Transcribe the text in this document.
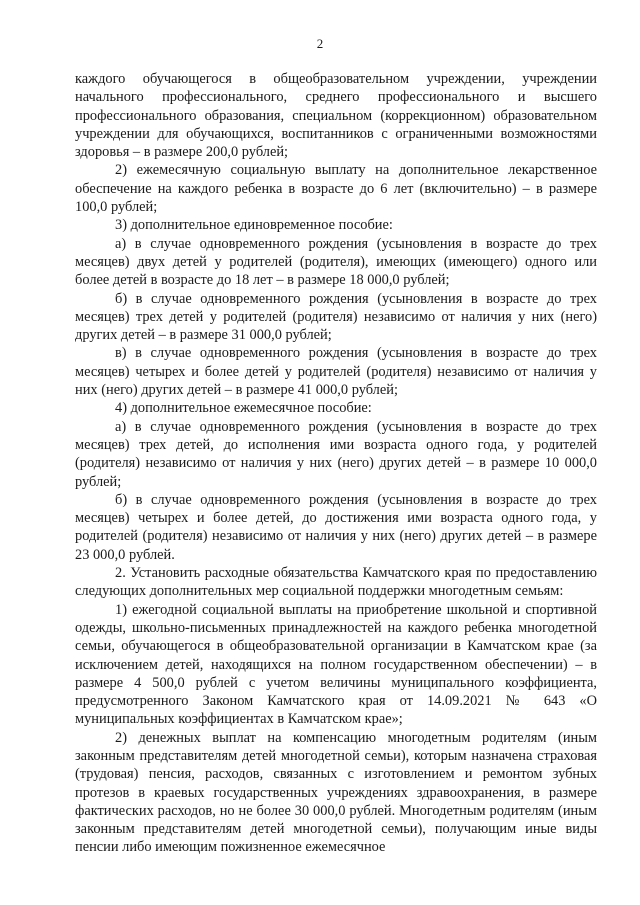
2

каждого обучающегося в общеобразовательном учреждении, учреждении начального профессионального, среднего профессионального и высшего профессионального образования, специальном (коррекционном) образовательном учреждении для обучающихся, воспитанников с ограниченными возможностями здоровья – в размере 200,0 рублей;

2) ежемесячную социальную выплату на дополнительное лекарственное обеспечение на каждого ребенка в возрасте до 6 лет (включительно) – в размере 100,0 рублей;

3) дополнительное единовременное пособие:

а) в случае одновременного рождения (усыновления в возрасте до трех месяцев) двух детей у родителей (родителя), имеющих (имеющего) одного или более детей в возрасте до 18 лет – в размере 18 000,0 рублей;

б) в случае одновременного рождения (усыновления в возрасте до трех месяцев) трех детей у родителей (родителя) независимо от наличия у них (него) других детей – в размере 31 000,0 рублей;

в) в случае одновременного рождения (усыновления в возрасте до трех месяцев) четырех и более детей у родителей (родителя) независимо от наличия у них (него) других детей – в размере 41 000,0 рублей;

4) дополнительное ежемесячное пособие:

а) в случае одновременного рождения (усыновления в возрасте до трех месяцев) трех детей, до исполнения ими возраста одного года, у родителей (родителя) независимо от наличия у них (него) других детей – в размере 10 000,0 рублей;

б) в случае одновременного рождения (усыновления в возрасте до трех месяцев) четырех и более детей, до достижения ими возраста одного года, у родителей (родителя) независимо от наличия у них (него) других детей – в размере 23 000,0 рублей.

2. Установить расходные обязательства Камчатского края по предоставлению следующих дополнительных мер социальной поддержки многодетным семьям:

1) ежегодной социальной выплаты на приобретение школьной и спортивной одежды, школьно-письменных принадлежностей на каждого ребенка многодетной семьи, обучающегося в общеобразовательной организации в Камчатском крае (за исключением детей, находящихся на полном государственном обеспечении) – в размере 4 500,0 рублей с учетом величины муниципального коэффициента, предусмотренного Законом Камчатского края от 14.09.2021 № 643 «О муниципальных коэффициентах в Камчатском крае»;

2) денежных выплат на компенсацию многодетным родителям (иным законным представителям детей многодетной семьи), которым назначена страховая (трудовая) пенсия, расходов, связанных с изготовлением и ремонтом зубных протезов в краевых государственных учреждениях здравоохранения, в размере фактических расходов, но не более 30 000,0 рублей. Многодетным родителям (иным законным представителям детей многодетной семьи), получающим иные виды пенсии либо имеющим пожизненное ежемесячное
